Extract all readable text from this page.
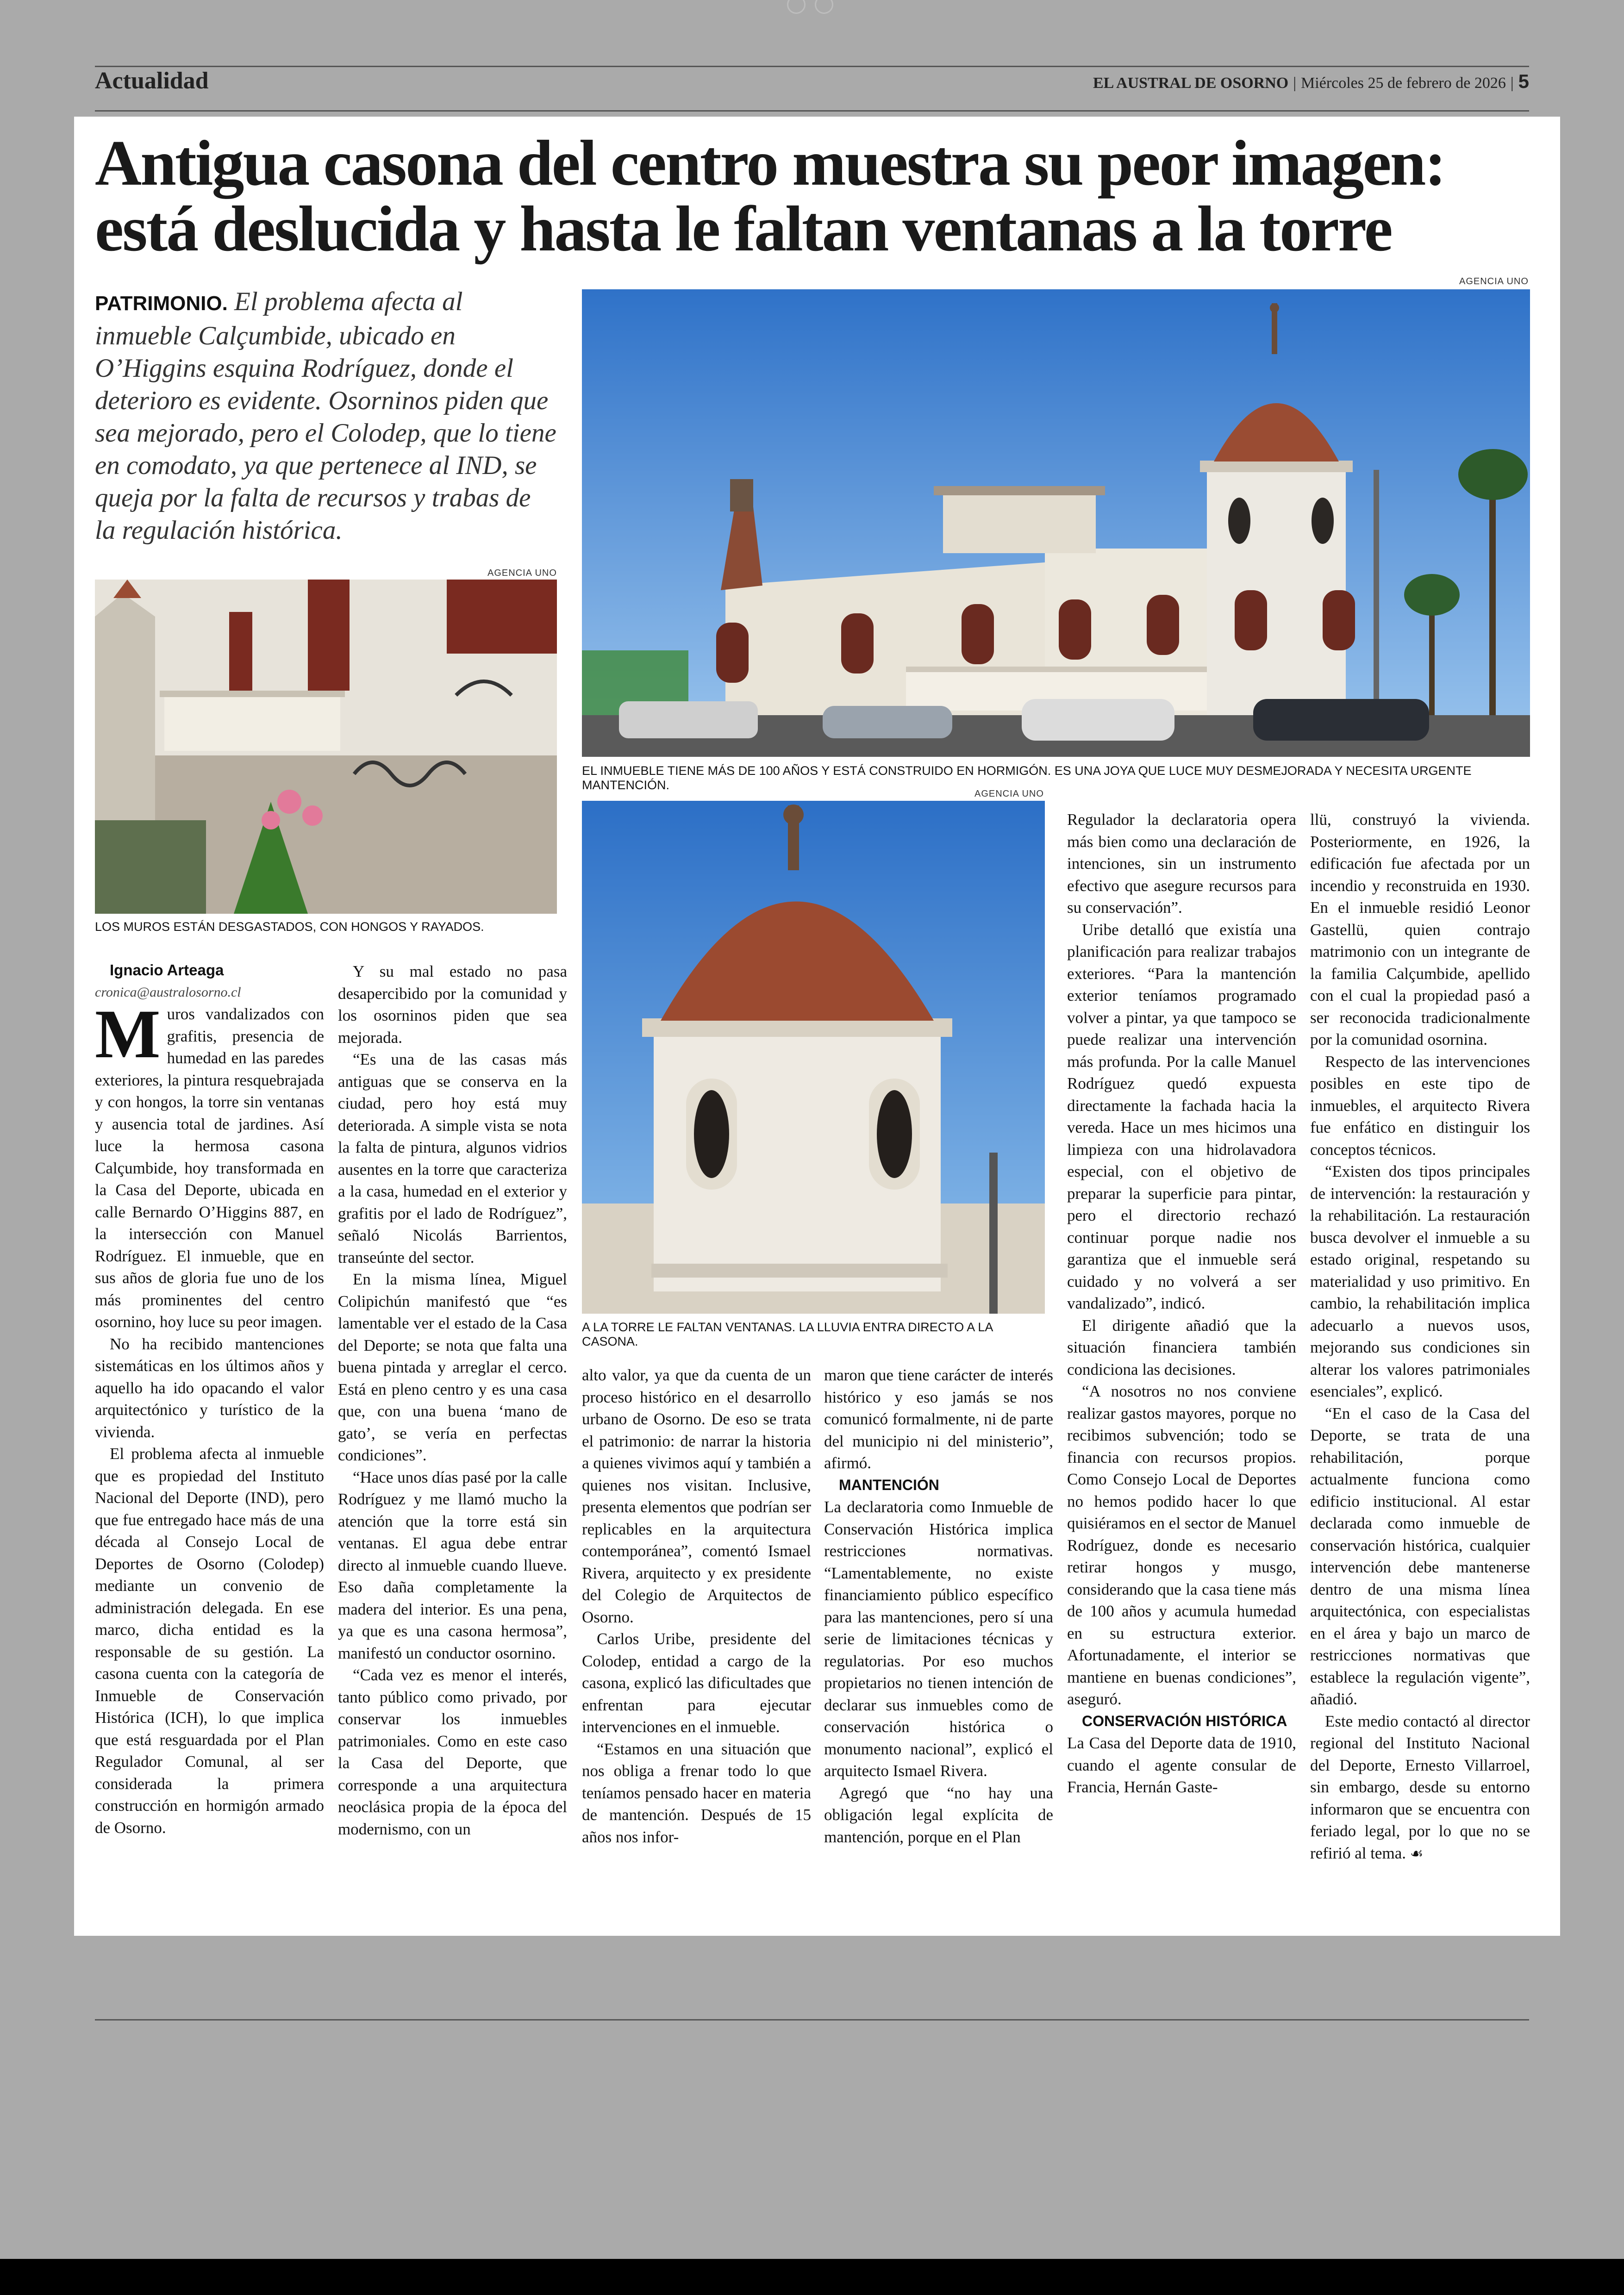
Actualidad	EL AUSTRAL DE OSORNO | Miércoles 25 de febrero de 2026 | 5
Antigua casona del centro muestra su peor imagen:
está deslucida y hasta le faltan ventanas a la torre

PATRIMONIO. El problema afecta al inmueble Calçumbide, ubicado en O’Higgins esquina Rodríguez, donde el deterioro es evidente. Osorninos piden que sea mejorado, pero el Colodep, que lo tiene en comodato, ya que pertenece al IND, se queja por la falta de recursos y trabas de la regulación histórica.

AGENCIA UNO
EL INMUEBLE TIENE MÁS DE 100 AÑOS Y ESTÁ CONSTRUIDO EN HORMIGÓN. ES UNA JOYA QUE LUCE MUY DESMEJORADA Y NECESITA URGENTE MANTENCIÓN.
AGENCIA UNO
LOS MUROS ESTÁN DESGASTADOS, CON HONGOS Y RAYADOS.
AGENCIA UNO
A LA TORRE LE FALTAN VENTANAS. LA LLUVIA ENTRA DIRECTO A LA CASONA.

Ignacio Arteaga

cronica@australosorno.cl

Muros vandalizados con grafitis, presencia de humedad en las paredes exteriores, la pintura resquebrajada y con hongos, la torre sin ventanas y ausencia total de jardines. Así luce la hermosa casona Calçumbide, hoy transformada en la Casa del Deporte, ubicada en calle Bernardo O’Higgins 887, en la intersección con Manuel Rodríguez. El inmueble, que en sus años de gloria fue uno de los más prominentes del centro osornino, hoy luce su peor imagen.

No ha recibido mantenciones sistemáticas en los últimos años y aquello ha ido opacando el valor arquitectónico y turístico de la vivienda.

El problema afecta al inmueble que es propiedad del Instituto Nacional del Deporte (IND), pero que fue entregado hace más de una década al Consejo Local de Deportes de Osorno (Colodep) mediante un convenio de administración delegada. En ese marco, dicha entidad es la responsable de su gestión. La casona cuenta con la categoría de Inmueble de Conservación Histórica (ICH), lo que implica que está resguardada por el Plan Regulador Comunal, al ser considerada la primera construcción en hormigón armado de Osorno.

Y su mal estado no pasa desapercibido por la comunidad y los osorninos piden que sea mejorada.

“Es una de las casas más antiguas que se conserva en la ciudad, pero hoy está muy deteriorada. A simple vista se nota la falta de pintura, algunos vidrios ausentes en la torre que caracteriza a la casa, humedad en el exterior y grafitis por el lado de Rodríguez”, señaló Nicolás Barrientos, transeúnte del sector.

En la misma línea, Miguel Colipichún manifestó que “es lamentable ver el estado de la Casa del Deporte; se nota que falta una buena pintada y arreglar el cerco. Está en pleno centro y es una casa que, con una buena ‘mano de gato’, se vería en perfectas condiciones”.

“Hace unos días pasé por la calle Rodríguez y me llamó mucho la atención que la torre está sin ventanas. El agua debe entrar directo al inmueble cuando llueve. Eso daña completamente la madera del interior. Es una pena, ya que es una casona hermosa”, manifestó un conductor osornino.

“Cada vez es menor el interés, tanto público como privado, por conservar los inmuebles patrimoniales. Como en este caso la Casa del Deporte, que corresponde a una arquitectura neoclásica propia de la época del modernismo, con un

alto valor, ya que da cuenta de un proceso histórico en el desarrollo urbano de Osorno. De eso se trata el patrimonio: de narrar la historia a quienes vivimos aquí y también a quienes nos visitan. Inclusive, presenta elementos que podrían ser replicables en la arquitectura contemporánea”, comentó Ismael Rivera, arquitecto y ex presidente del Colegio de Arquitectos de Osorno.

Carlos Uribe, presidente del Colodep, entidad a cargo de la casona, explicó las dificultades que enfrentan para ejecutar intervenciones en el inmueble.

“Estamos en una situación que nos obliga a frenar todo lo que teníamos pensado hacer en materia de mantención. Después de 15 años nos infor-

maron que tiene carácter de interés histórico y eso jamás se nos comunicó formalmente, ni de parte del municipio ni del ministerio”, afirmó.

MANTENCIÓN

La declaratoria como Inmueble de Conservación Histórica implica restricciones normativas. “Lamentablemente, no existe financiamiento público específico para las mantenciones, pero sí una serie de limitaciones técnicas y regulatorias. Por eso muchos propietarios no tienen intención de declarar sus inmuebles como de conservación histórica o monumento nacional”, explicó el arquitecto Ismael Rivera.

Agregó que “no hay una obligación legal explícita de mantención, porque en el Plan

Regulador la declaratoria opera más bien como una declaración de intenciones, sin un instrumento efectivo que asegure recursos para su conservación”.

Uribe detalló que existía una planificación para realizar trabajos exteriores. “Para la mantención exterior teníamos programado volver a pintar, ya que tampoco se puede realizar una intervención más profunda. Por la calle Manuel Rodríguez quedó expuesta directamente la fachada hacia la vereda. Hace un mes hicimos una limpieza con una hidrolavadora especial, con el objetivo de preparar la superficie para pintar, pero el directorio rechazó continuar porque nadie nos garantiza que el inmueble será cuidado y no volverá a ser vandalizado”, indicó.

El dirigente añadió que la situación financiera también condiciona las decisiones.

“A nosotros no nos conviene realizar gastos mayores, porque no recibimos subvención; todo se financia con recursos propios. Como Consejo Local de Deportes no hemos podido hacer lo que quisiéramos en el sector de Manuel Rodríguez, donde es necesario retirar hongos y musgo, considerando que la casa tiene más de 100 años y acumula humedad en su estructura exterior. Afortunadamente, el interior se mantiene en buenas condiciones”, aseguró.

CONSERVACIÓN HISTÓRICA

La Casa del Deporte data de 1910, cuando el agente consular de Francia, Hernán Gaste-

llü, construyó la vivienda. Posteriormente, en 1926, la edificación fue afectada por un incendio y reconstruida en 1930. En el inmueble residió Leonor Gastellü, quien contrajo matrimonio con un integrante de la familia Calçumbide, apellido con el cual la propiedad pasó a ser reconocida tradicionalmente por la comunidad osornina.

Respecto de las intervenciones posibles en este tipo de inmuebles, el arquitecto Rivera fue enfático en distinguir los conceptos técnicos.

“Existen dos tipos principales de intervención: la restauración y la rehabilitación. La restauración busca devolver el inmueble a su estado original, respetando su materialidad y uso primitivo. En cambio, la rehabilitación implica adecuarlo a nuevos usos, mejorando sus condiciones sin alterar los valores patrimoniales esenciales”, explicó.

“En el caso de la Casa del Deporte, se trata de una rehabilitación, porque actualmente funciona como edificio institucional. Al estar declarada como inmueble de conservación histórica, cualquier intervención debe mantenerse dentro de una misma línea arquitectónica, con especialistas en el área y bajo un marco de restricciones normativas que establece la regulación vigente”, añadió.

Este medio contactó al director regional del Instituto Nacional del Deporte, Ernesto Villarroel, sin embargo, desde su entorno informaron que se encuentra con feriado legal, por lo que no se refirió al tema. ☙
